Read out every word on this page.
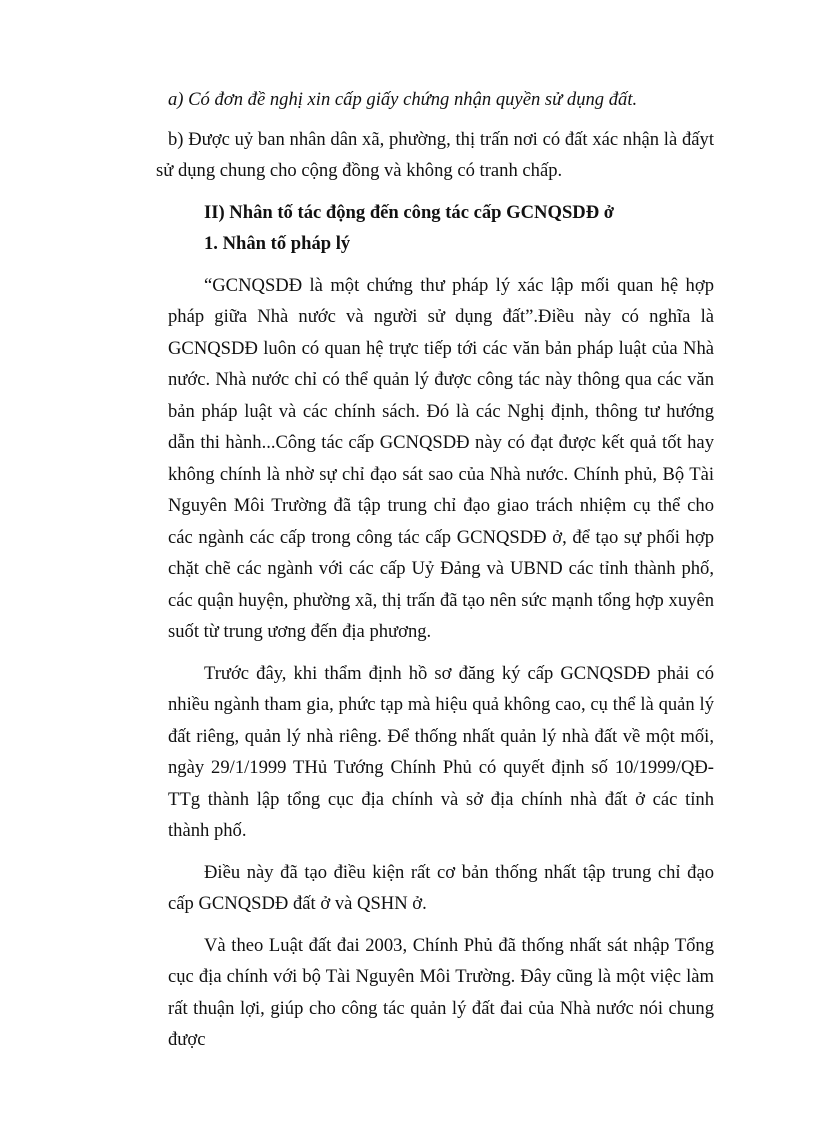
a) Có đơn đề nghị xin cấp giấy chứng nhận quyền sử dụng đất.

b) Được uỷ ban nhân dân xã, phường, thị trấn nơi có đất xác nhận là đấyt sử dụng chung cho cộng đồng và không có tranh chấp.

II) Nhân tố tác động đến công tác cấp GCNQSDĐ ở

1. Nhân tố pháp lý

“GCNQSDĐ là một chứng thư pháp lý xác lập mối quan hệ hợp pháp giữa Nhà nước và người sử dụng đất”.Điều này có nghĩa là GCNQSDĐ luôn có quan hệ trực tiếp tới các văn bản pháp luật của Nhà nước. Nhà nước chỉ có thể quản lý được công tác này thông qua các văn bản pháp luật và các chính sách. Đó là các Nghị định, thông tư hướng dẫn thi hành...Công tác cấp GCNQSDĐ này có đạt được kết quả tốt hay không chính là nhờ sự chỉ đạo sát sao của Nhà nước. Chính phủ, Bộ Tài Nguyên Môi Trường đã tập trung chỉ đạo giao trách nhiệm cụ thể cho các ngành các cấp trong công tác cấp GCNQSDĐ ở, để tạo sự phối hợp chặt chẽ các ngành với các cấp Uỷ Đảng và UBND các tỉnh thành phố, các quận huyện, phường xã, thị trấn đã tạo nên sức mạnh tổng hợp xuyên suốt từ trung ương đến địa phương.

Trước đây, khi thẩm định hồ sơ đăng ký cấp GCNQSDĐ phải có nhiều ngành tham gia, phức tạp mà hiệu quả không cao, cụ thể là quản lý đất riêng, quản lý nhà riêng. Để thống nhất quản lý nhà đất về một mối, ngày 29/1/1999 THủ Tướng Chính Phủ có quyết định số 10/1999/QĐ-TTg thành lập tổng cục địa chính và sở địa chính nhà đất ở các tỉnh thành phố.

Điều này đã tạo điều kiện rất cơ bản thống nhất tập trung chỉ đạo cấp GCNQSDĐ đất ở và QSHN ở.

Và theo Luật đất đai 2003, Chính Phủ đã thống nhất sát nhập Tổng cục địa chính với bộ Tài Nguyên Môi Trường. Đây cũng là một việc làm rất thuận lợi, giúp cho công tác quản lý đất đai của Nhà nước nói chung được
